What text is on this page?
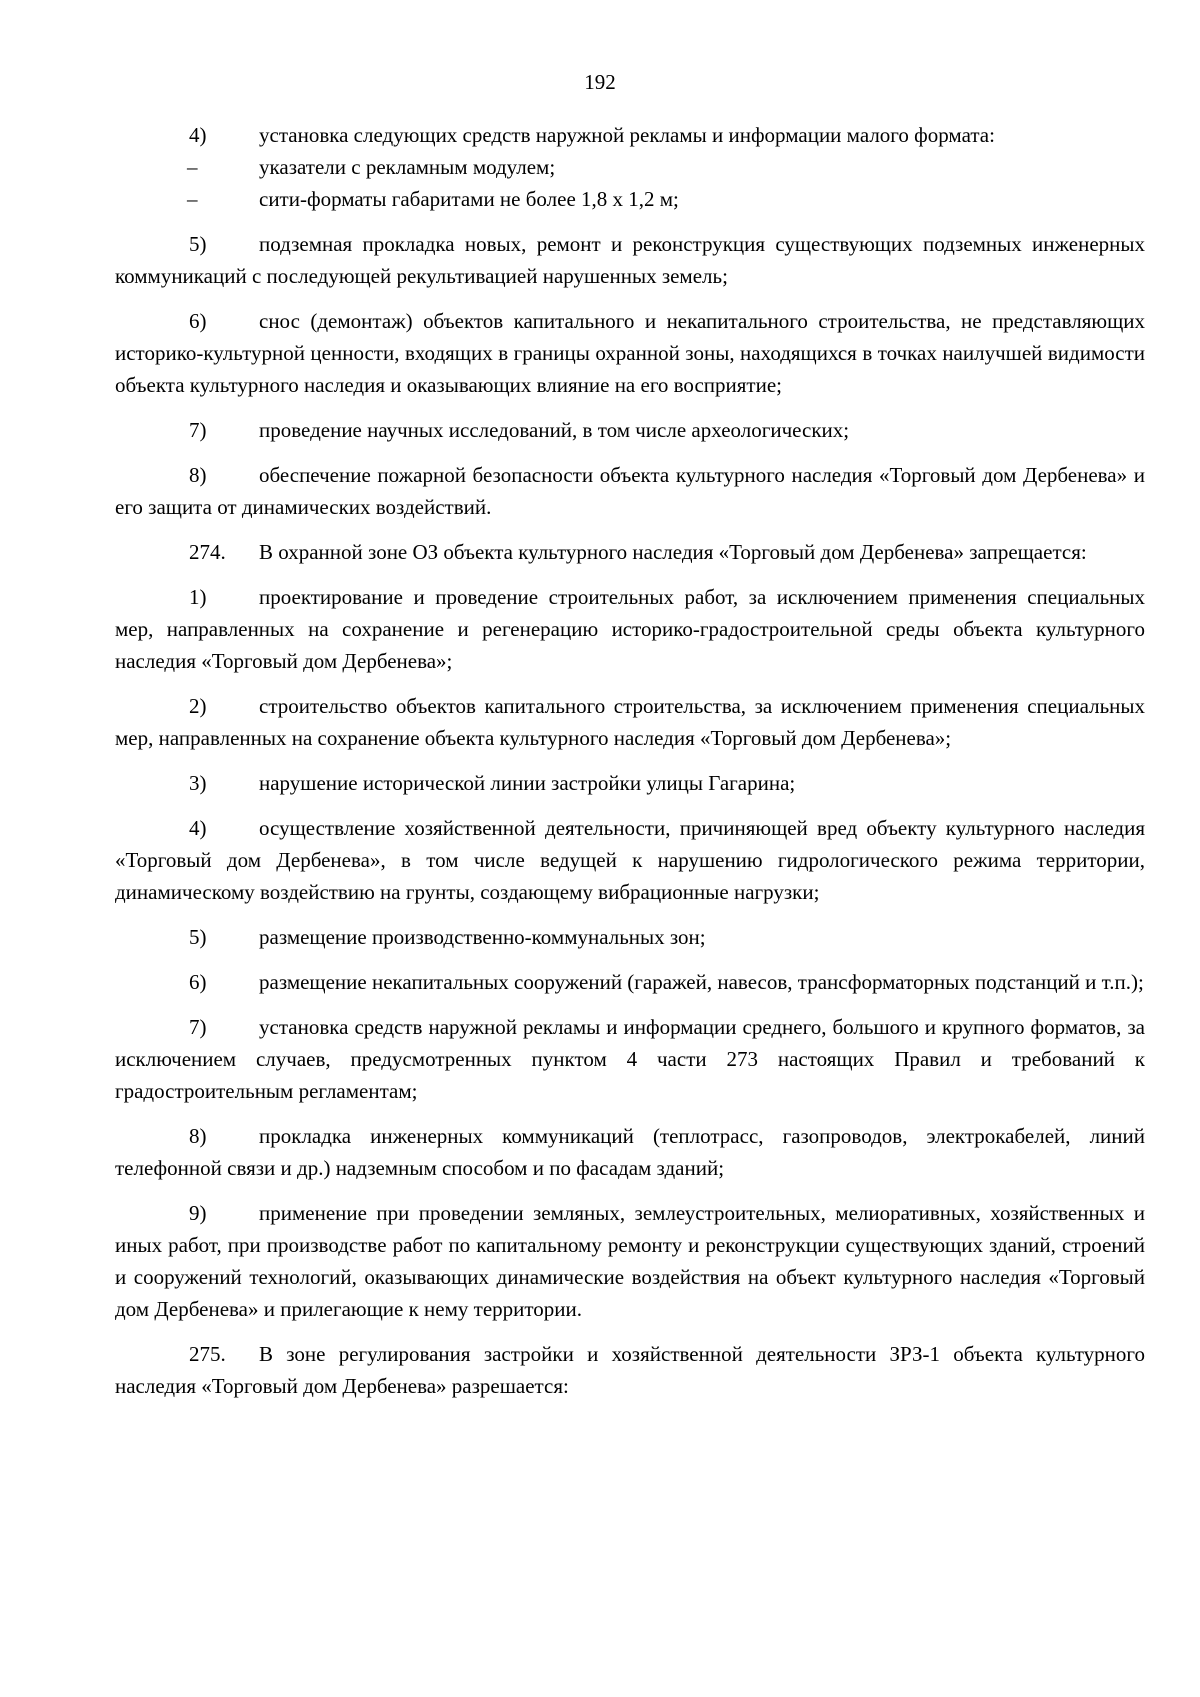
192

4)	установка следующих средств наружной рекламы и информации малого формата:

–	указатели с рекламным модулем;
–	сити-форматы габаритами не более 1,8 х 1,2 м;

5)	подземная прокладка новых, ремонт и реконструкция существующих подземных инженерных коммуникаций с последующей рекультивацией нарушенных земель;

6)	снос (демонтаж) объектов капитального и некапитального строительства, не представляющих историко-культурной ценности, входящих в границы охранной зоны, находящихся в точках наилучшей видимости объекта культурного наследия и оказывающих влияние на его восприятие;

7)	проведение научных исследований, в том числе археологических;

8)	обеспечение пожарной безопасности объекта культурного наследия «Торговый дом Дербенева» и его защита от динамических воздействий.

274. В охранной зоне ОЗ объекта культурного наследия «Торговый дом Дербенева» запрещается:

1)	проектирование и проведение строительных работ, за исключением применения специальных мер, направленных на сохранение и регенерацию историко-градостроительной среды объекта культурного наследия «Торговый дом Дербенева»;

2)	строительство объектов капитального строительства, за исключением применения специальных мер, направленных на сохранение объекта культурного наследия «Торговый дом Дербенева»;

3)	нарушение исторической линии застройки улицы Гагарина;

4)	осуществление хозяйственной деятельности, причиняющей вред объекту культурного наследия «Торговый дом Дербенева», в том числе ведущей к нарушению гидрологического режима территории, динамическому воздействию на грунты, создающему вибрационные нагрузки;

5)	размещение производственно-коммунальных зон;

6)	размещение некапитальных сооружений (гаражей, навесов, трансформаторных подстанций и т.п.);

7)	установка средств наружной рекламы и информации среднего, большого и крупного форматов, за исключением случаев, предусмотренных пунктом 4 части 273 настоящих Правил и требований к градостроительным регламентам;

8)	прокладка инженерных коммуникаций (теплотрасс, газопроводов, электрокабелей, линий телефонной связи и др.) надземным способом и по фасадам зданий;

9)	применение при проведении земляных, землеустроительных, мелиоративных, хозяйственных и иных работ, при производстве работ по капитальному ремонту и реконструкции существующих зданий, строений и сооружений технологий, оказывающих динамические воздействия на объект культурного наследия «Торговый дом Дербенева» и прилегающие к нему территории.

275. В зоне регулирования застройки и хозяйственной деятельности ЗРЗ-1 объекта культурного наследия «Торговый дом Дербенева» разрешается:
